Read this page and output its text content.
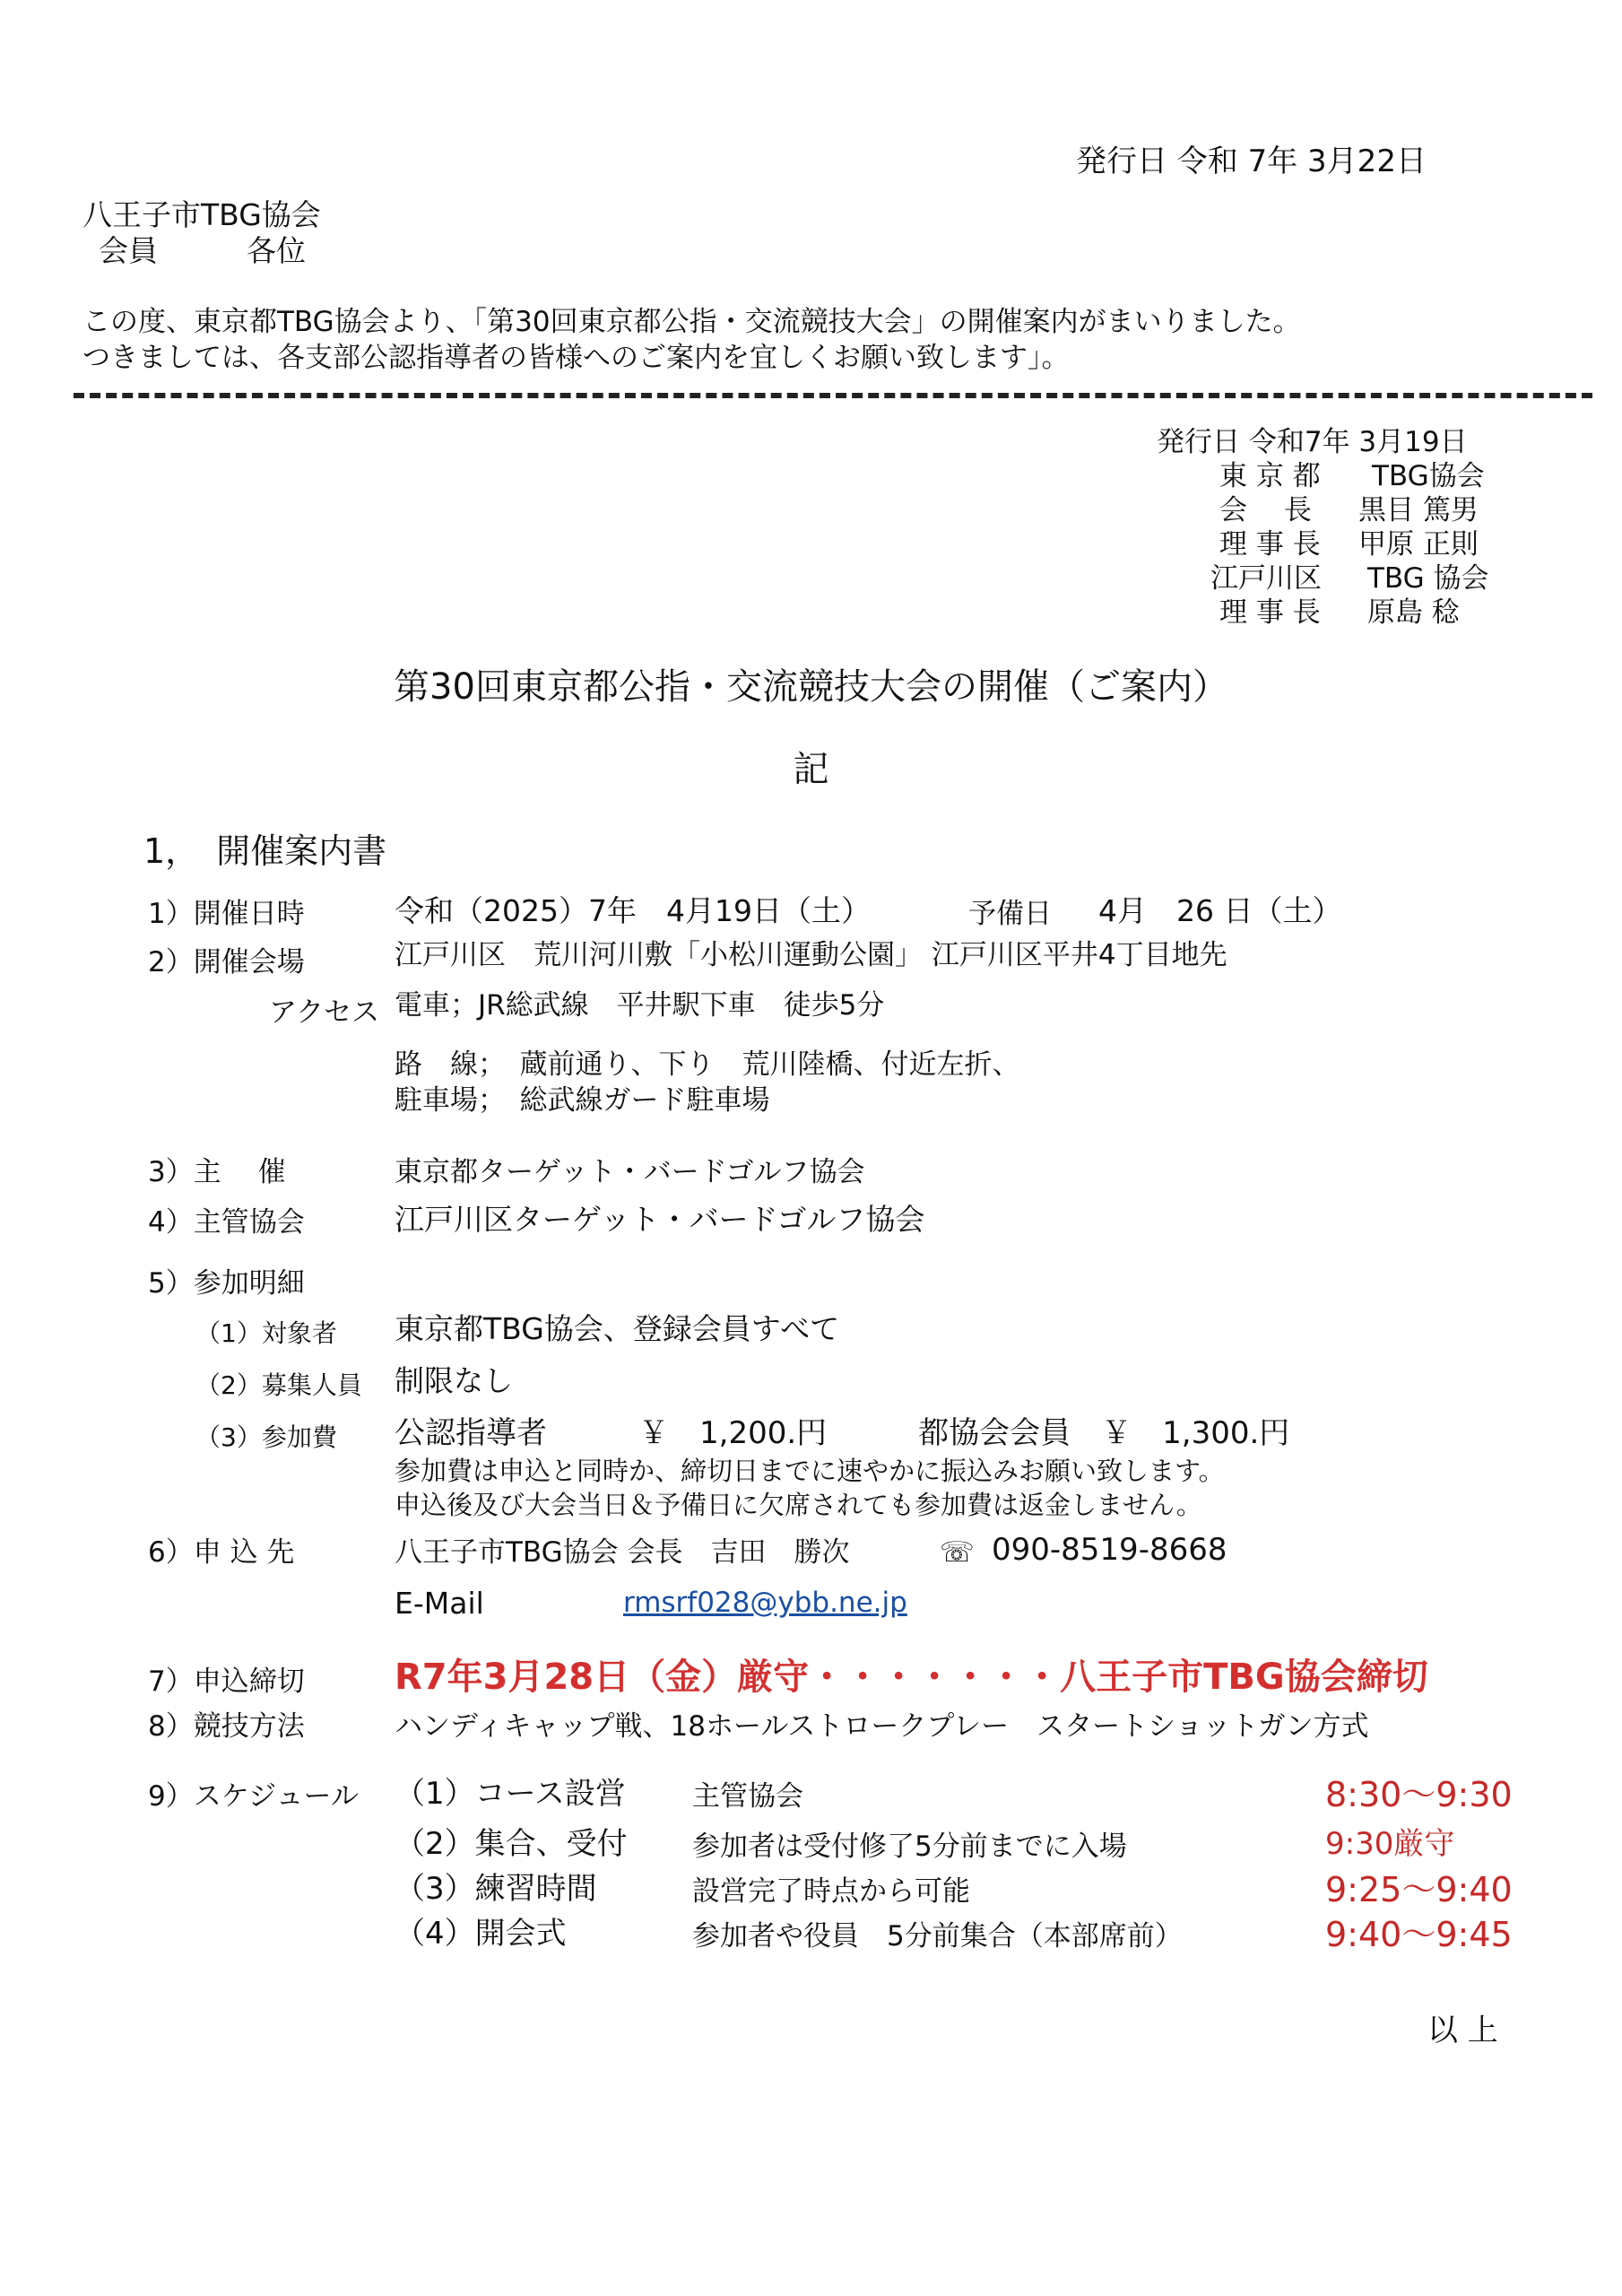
発行日 令和 7年 3月22日
八王子市TBG協会
会員　　　各位
この度、東京都TBG協会より、「第30回東京都公指・交流競技大会」の開催案内がまいりました。
つきましては、各支部公認指導者の皆様へのご案内を宜しくお願い致します」。
発行日 令和7年 3月19日
東 京 都 TBG協会
会　 長 黒目 篤男
理 事 長 甲原 正則
江戸川区 TBG 協会
理 事 長 原島 稔
第30回東京都公指・交流競技大会の開催（ご案内）
記
1，　開催案内書
1）開催日時	令和（2025）7年　4月19日（土）	予備日 4月　26 日（土）
2）開催会場	江戸川区　荒川河川敷「小松川運動公園」 江戸川区平井4丁目地先
アクセス 電車；JR総武線　平井駅下車　徒歩5分
路　線；　蔵前通り、下り　荒川陸橋、付近左折、
駐車場；　総武線ガード駐車場
3）主　 催	東京都ターゲット・バードゴルフ協会
4）主管協会	江戸川区ターゲット・バードゴルフ協会
5）参加明細
（1）対象者 東京都TBG協会、登録会員すべて
（2）募集人員 制限なし
（3）参加費 公認指導者　　　￥　1,200.円　　　都協会会員　￥　1,300.円
参加費は申込と同時か、締切日までに速やかに振込みお願い致します。
申込後及び大会当日＆予備日に欠席されても参加費は返金しません。
6）申 込 先	八王子市TBG協会 会長　吉田　勝次	☏ 090-8519-8668
E-Mail	rmsrf028@ybb.ne.jp
7）申込締切	R7年3月28日（金）厳守・・・・・・・八王子市TBG協会締切
8）競技方法	ハンディキャップ戦、18ホールストロークプレー　スタートショットガン方式
9）スケジュール （1）コース設営 主管協会	8:30～9:30
（2）集合、受付 参加者は受付修了5分前までに入場	9:30厳守
（3）練習時間	設営完了時点から可能	9:25～9:40
（4）開会式	参加者や役員　5分前集合（本部席前）	9:40～9:45
以 上
